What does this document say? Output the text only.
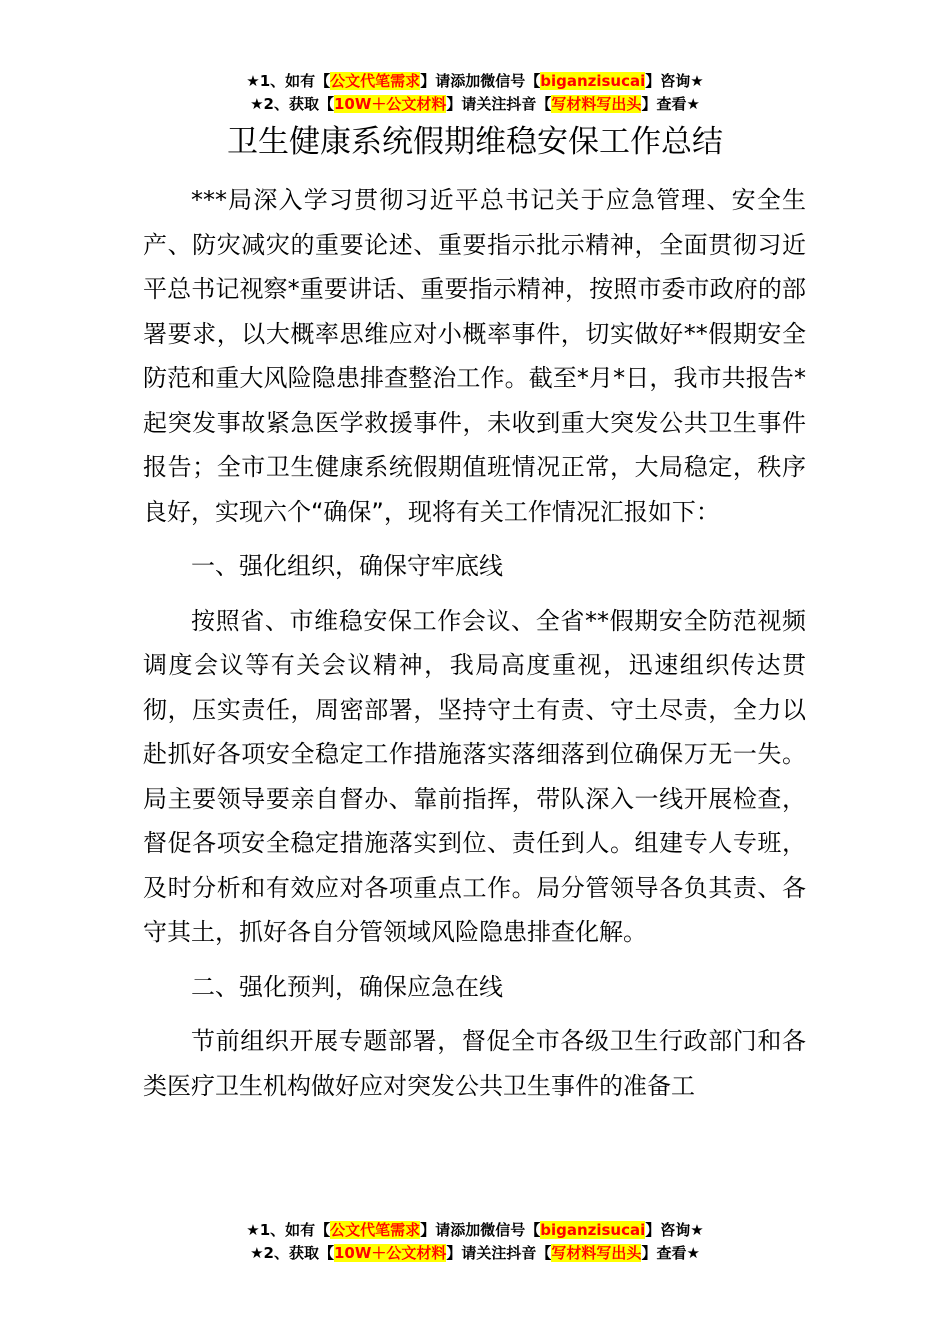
★1、如有【公文代笔需求】请添加微信号【biganzisucai】咨询★
★2、获取【10W＋公文材料】请关注抖音【写材料写出头】查看★
卫生健康系统假期维稳安保工作总结

***局深入学习贯彻习近平总书记关于应急管理、安全生产、防灾减灾的重要论述、重要指示批示精神，全面贯彻习近平总书记视察*重要讲话、重要指示精神，按照市委市政府的部署要求，以大概率思维应对小概率事件，切实做好**假期安全防范和重大风险隐患排查整治工作。截至*月*日，我市共报告*起突发事故紧急医学救援事件，未收到重大突发公共卫生事件报告；全市卫生健康系统假期值班情况正常，大局稳定，秩序良好，实现六个“确保”，现将有关工作情况汇报如下：

一、强化组织，确保守牢底线

按照省、市维稳安保工作会议、全省**假期安全防范视频调度会议等有关会议精神，我局高度重视，迅速组织传达贯彻，压实责任，周密部署，坚持守土有责、守土尽责，全力以赴抓好各项安全稳定工作措施落实落细落到位确保万无一失。局主要领导要亲自督办、靠前指挥，带队深入一线开展检查，督促各项安全稳定措施落实到位、责任到人。组建专人专班，及时分析和有效应对各项重点工作。局分管领导各负其责、各守其土，抓好各自分管领域风险隐患排查化解。

二、强化预判，确保应急在线

节前组织开展专题部署，督促全市各级卫生行政部门和各类医疗卫生机构做好应对突发公共卫生事件的准备工

★1、如有【公文代笔需求】请添加微信号【biganzisucai】咨询★
★2、获取【10W＋公文材料】请关注抖音【写材料写出头】查看★
